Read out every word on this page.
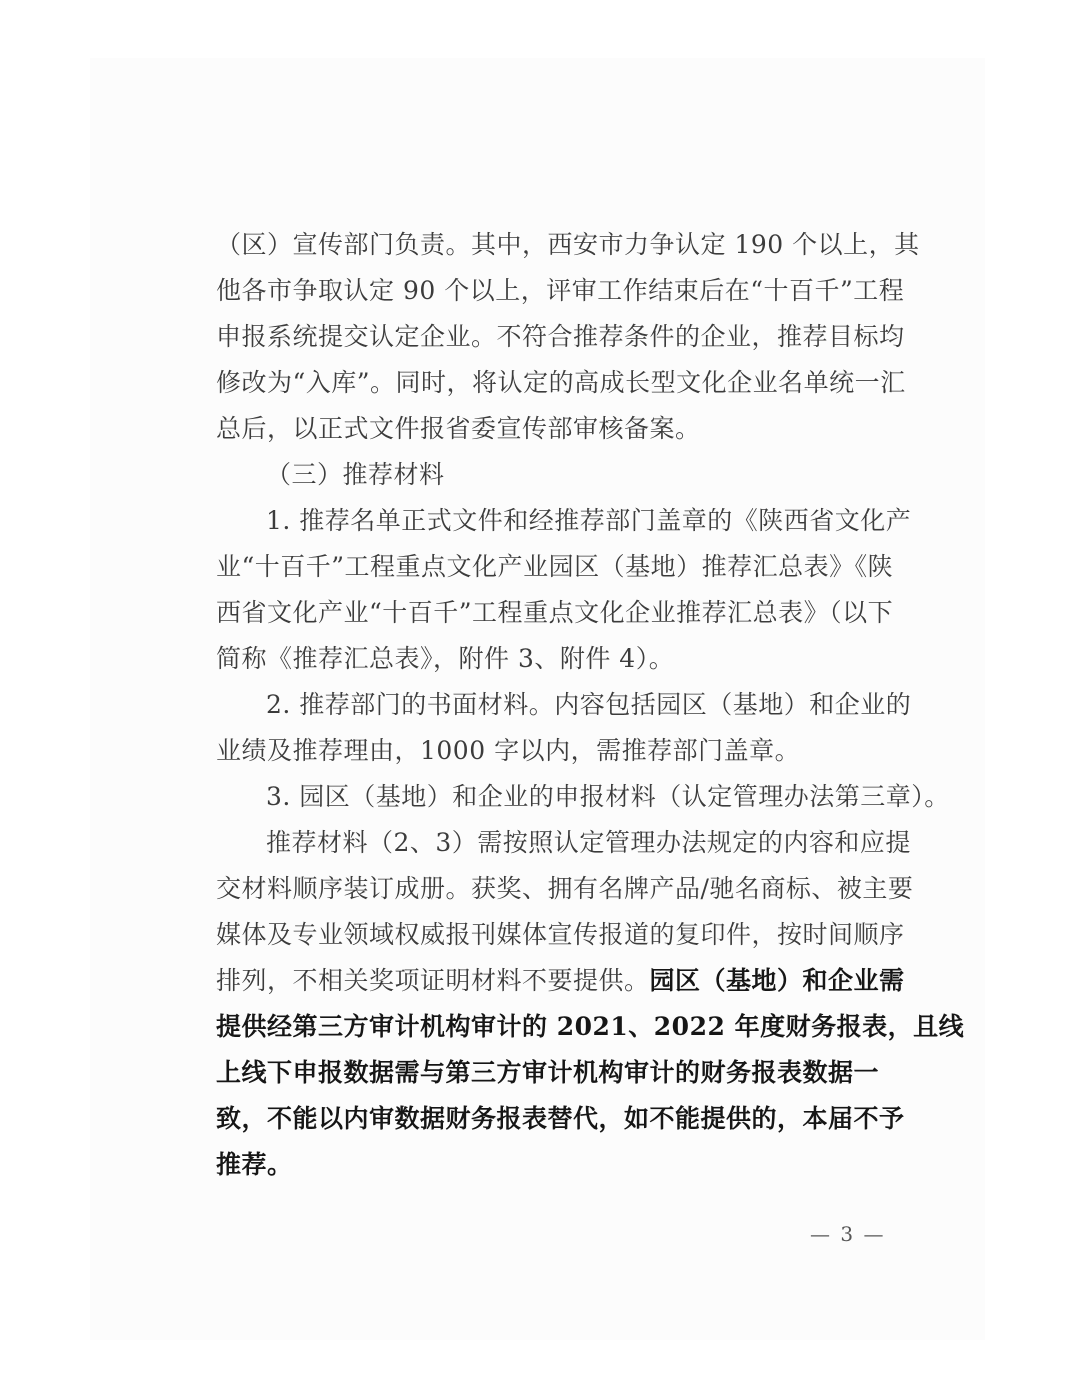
（区）宣传部门负责。其中，西安市力争认定 190 个以上，其
他各市争取认定 90 个以上，评审工作结束后在“十百千”工程
申报系统提交认定企业。不符合推荐条件的企业，推荐目标均
修改为“入库”。同时，将认定的高成长型文化企业名单统一汇
总后，以正式文件报省委宣传部审核备案。
（三）推荐材料
1. 推荐名单正式文件和经推荐部门盖章的《陕西省文化产
业“十百千”工程重点文化产业园区（基地）推荐汇总表》《陕
西省文化产业“十百千”工程重点文化企业推荐汇总表》（以下
简称《推荐汇总表》，附件 3、附件 4）。
2. 推荐部门的书面材料。内容包括园区（基地）和企业的
业绩及推荐理由，1000 字以内，需推荐部门盖章。
3. 园区（基地）和企业的申报材料（认定管理办法第三章）。
推荐材料（2、3）需按照认定管理办法规定的内容和应提
交材料顺序装订成册。获奖、拥有名牌产品/驰名商标、被主要
媒体及专业领域权威报刊媒体宣传报道的复印件，按时间顺序
排列，不相关奖项证明材料不要提供。园区（基地）和企业需
提供经第三方审计机构审计的 2021、2022 年度财务报表，且线
上线下申报数据需与第三方审计机构审计的财务报表数据一
致，不能以内审数据财务报表替代，如不能提供的，本届不予
推荐。
— 3 —
